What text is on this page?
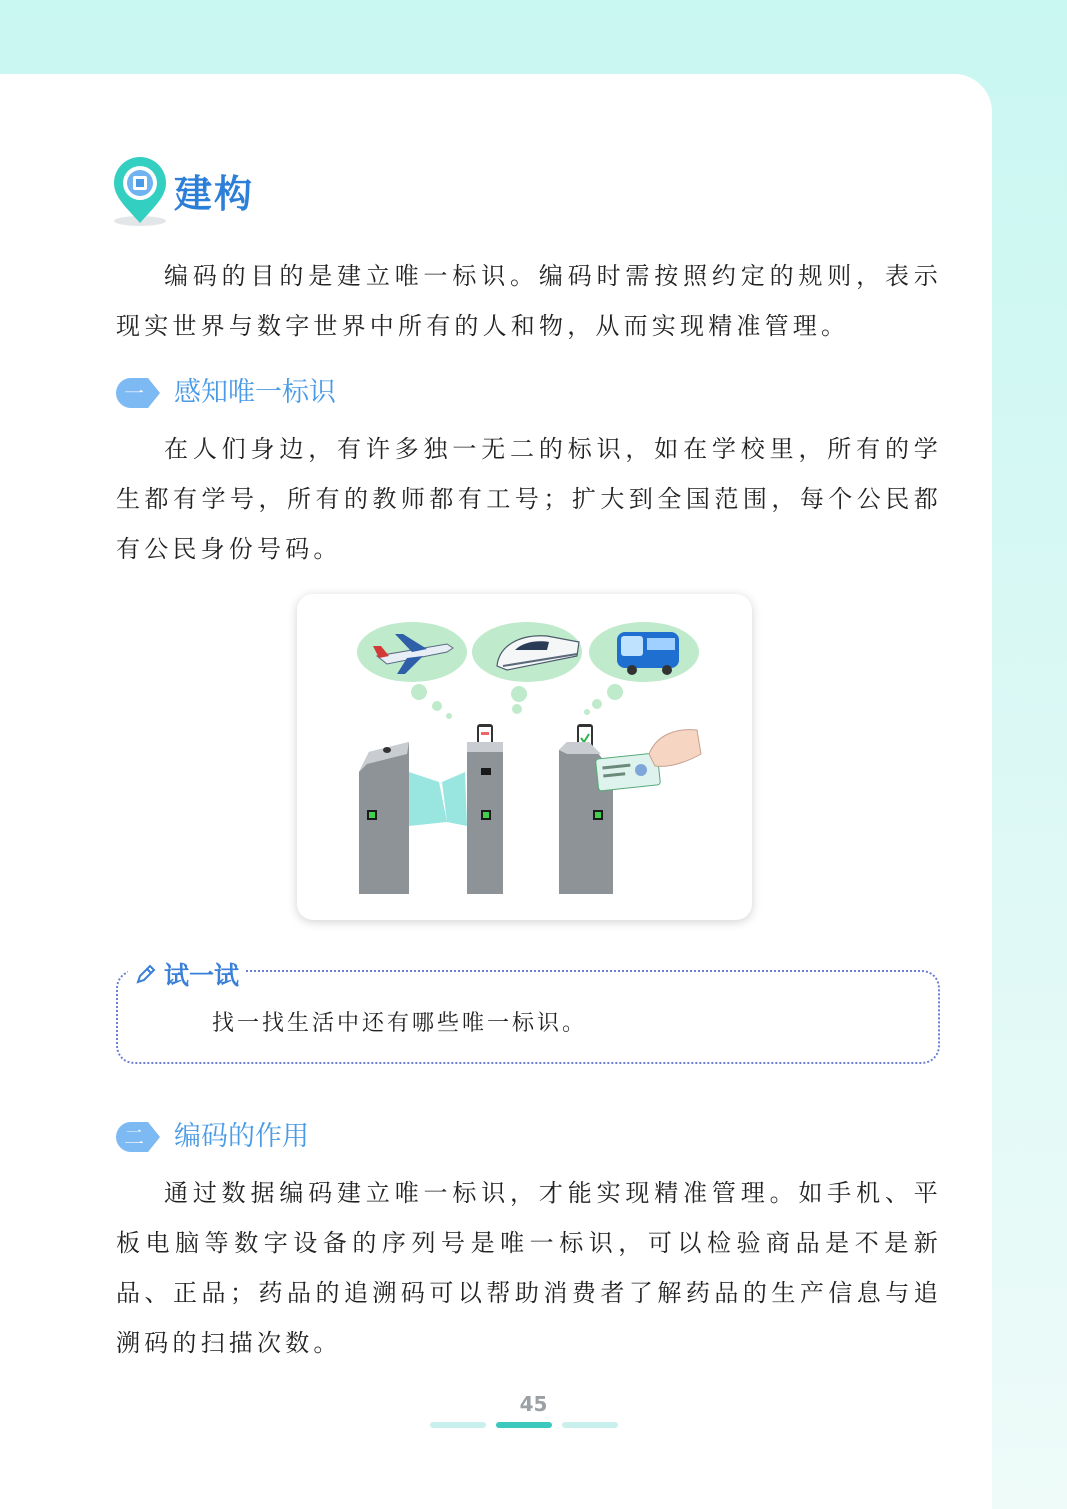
建构

编码的目的是建立唯一标识。编码时需按照约定的规则，表示现实世界与数字世界中所有的人和物，从而实现精准管理。

一 感知唯一标识

在人们身边，有许多独一无二的标识，如在学校里，所有的学生都有学号，所有的教师都有工号；扩大到全国范围，每个公民都有公民身份号码。

试一试
找一找生活中还有哪些唯一标识。
二 编码的作用

通过数据编码建立唯一标识，才能实现精准管理。如手机、平板电脑等数字设备的序列号是唯一标识，可以检验商品是不是新品、正品；药品的追溯码可以帮助消费者了解药品的生产信息与追溯码的扫描次数。

45
